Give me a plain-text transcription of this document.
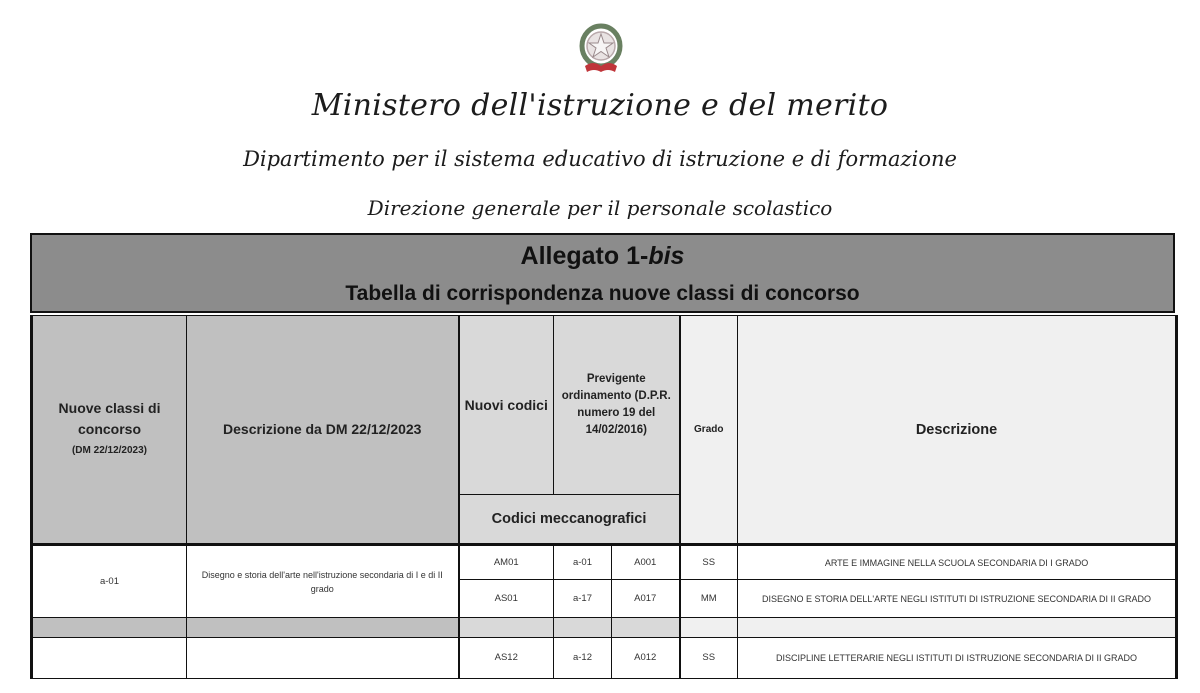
Ministero dell'istruzione e del merito
Dipartimento per il sistema educativo di istruzione e di formazione
Direzione generale per il personale scolastico
Allegato 1-bis
Tabella di corrispondenza nuove classi di concorso
Nuove classi di concorso
(DM 22/12/2023)	Descrizione da DM 22/12/2023	Nuovi codici	Previgente ordinamento (D.P.R. numero 19 del 14/02/2016)		Grado	Descrizione
		Codici meccanografici				
a-01	Disegno e storia dell'arte nell'istruzione secondaria di I e di II grado	AM01	a-01	A001	SS	ARTE E IMMAGINE NELLA SCUOLA SECONDARIA DI I GRADO
		AS01	a-17	A017	MM	DISEGNO E STORIA DELL'ARTE NEGLI ISTITUTI DI ISTRUZIONE SECONDARIA DI II GRADO

		AS12	a-12	A012	SS	DISCIPLINE LETTERARIE NEGLI ISTITUTI DI ISTRUZIONE SECONDARIA DI II GRADO
